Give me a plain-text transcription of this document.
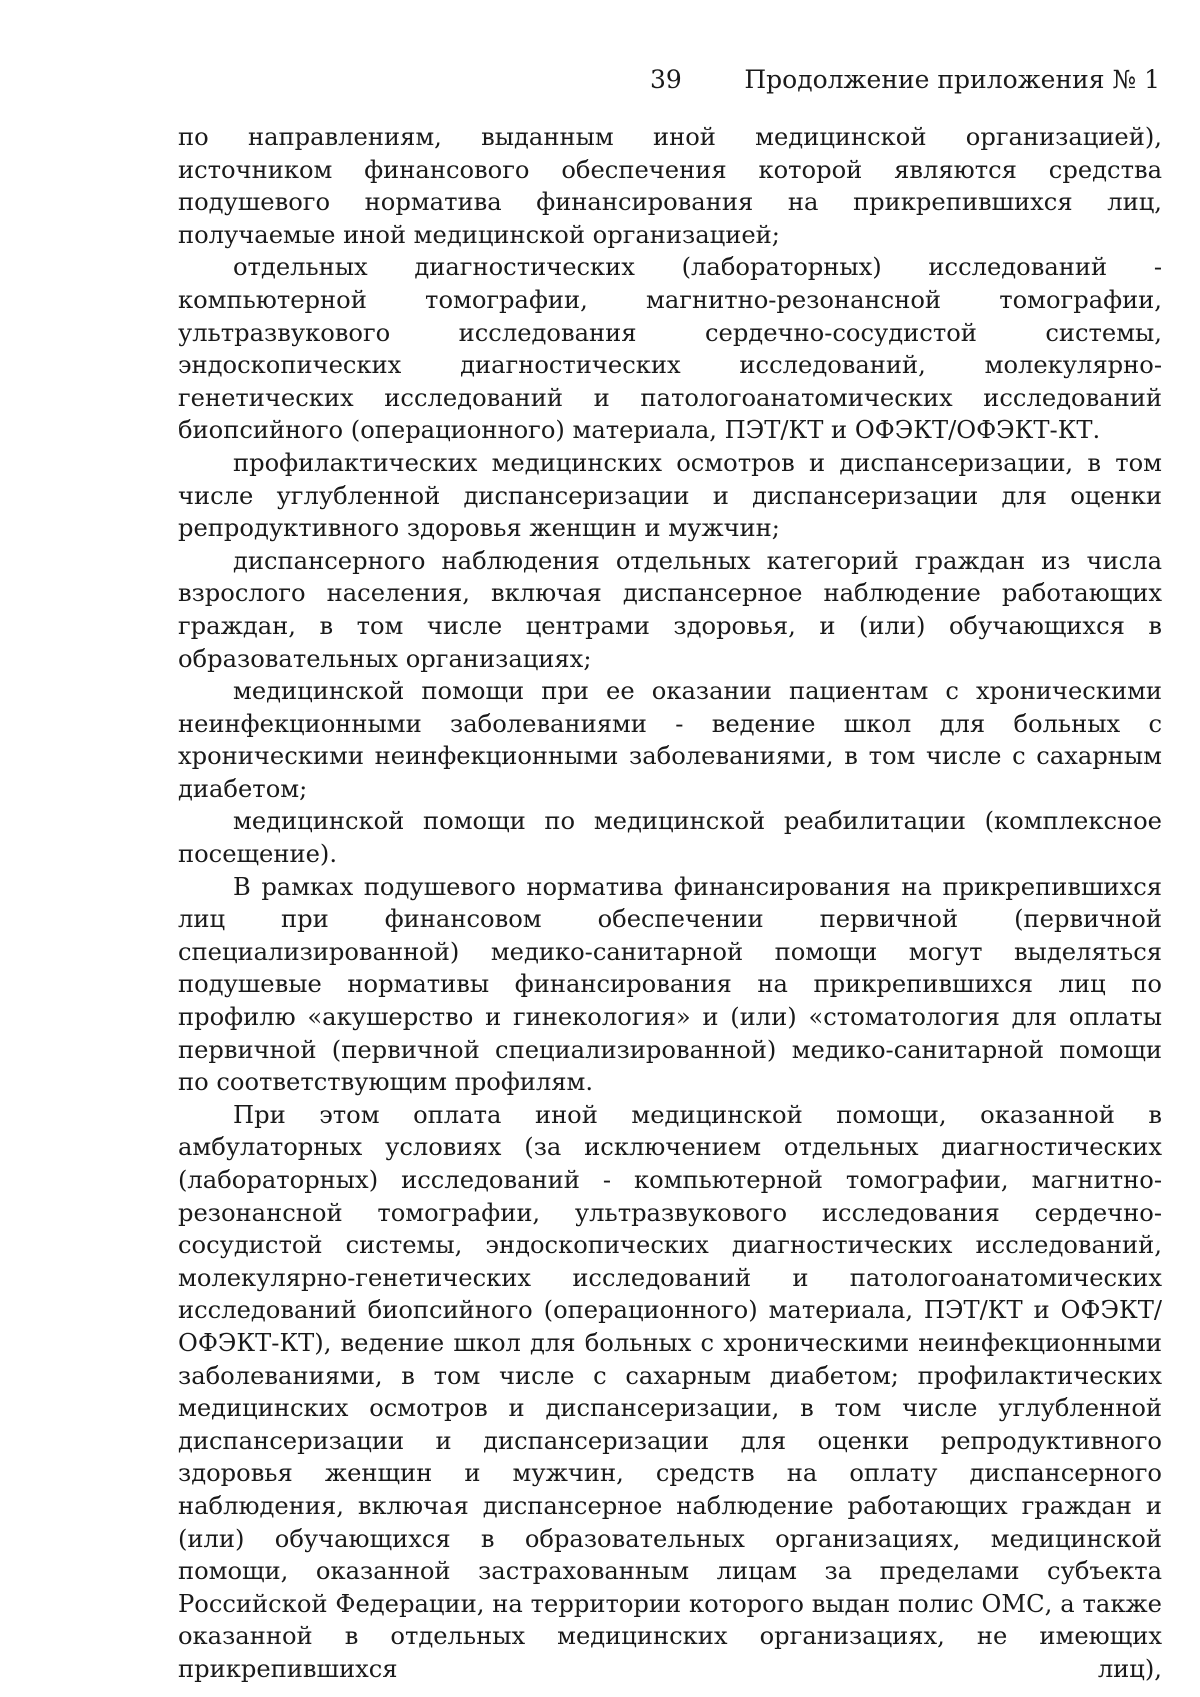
39	Продолжение приложения № 1

по направлениям, выданным иной медицинской организацией), источником финансового обеспечения которой являются средства подушевого норматива финансирования на прикрепившихся лиц, получаемые иной медицинской организацией;

отдельных диагностических (лабораторных) исследований - компьютерной томографии, магнитно-резонансной томографии, ультразвукового исследования сердечно-сосудистой системы, эндоскопических диагностических исследований, молекулярно-генетических исследований и патологоанатомических исследований биопсийного (операционного) материала, ПЭТ/КТ и ОФЭКТ/ОФЭКТ-КТ.

профилактических медицинских осмотров и диспансеризации, в том числе углубленной диспансеризации и диспансеризации для оценки репродуктивного здоровья женщин и мужчин;

диспансерного наблюдения отдельных категорий граждан из числа взрослого населения, включая диспансерное наблюдение работающих граждан, в том числе центрами здоровья, и (или) обучающихся в образовательных организациях;

медицинской помощи при ее оказании пациентам с хроническими неинфекционными заболеваниями - ведение школ для больных с хроническими неинфекционными заболеваниями, в том числе с сахарным диабетом;

медицинской помощи по медицинской реабилитации (комплексное посещение).

В рамках подушевого норматива финансирования на прикрепившихся лиц при финансовом обеспечении первичной (первичной специализированной) медико-санитарной помощи могут выделяться подушевые нормативы финансирования на прикрепившихся лиц по профилю «акушерство и гинекология» и (или) «стоматология для оплаты первичной (первичной специализированной) медико-санитарной помощи по соответствующим профилям.

При этом оплата иной медицинской помощи, оказанной в амбулаторных условиях (за исключением отдельных диагностических (лабораторных) исследований - компьютерной томографии, магнитно-резонансной томографии, ультразвукового исследования сердечно-сосудистой системы, эндоскопических диагностических исследований, молекулярно-генетических исследований и патологоанатомических исследований биопсийного (операционного) материала, ПЭТ/КТ и ОФЭКТ/ОФЭКТ-КТ), ведение школ для больных с хроническими неинфекционными заболеваниями, в том числе с сахарным диабетом; профилактических медицинских осмотров и диспансеризации, в том числе углубленной диспансеризации и диспансеризации для оценки репродуктивного здоровья женщин и мужчин, средств на оплату диспансерного наблюдения, включая диспансерное наблюдение работающих граждан и (или) обучающихся в образовательных организациях, медицинской помощи, оказанной застрахованным лицам за пределами субъекта Российской Федерации, на территории которого выдан полис ОМС, а также оказанной в отдельных медицинских организациях, не имеющих прикрепившихся лиц),
